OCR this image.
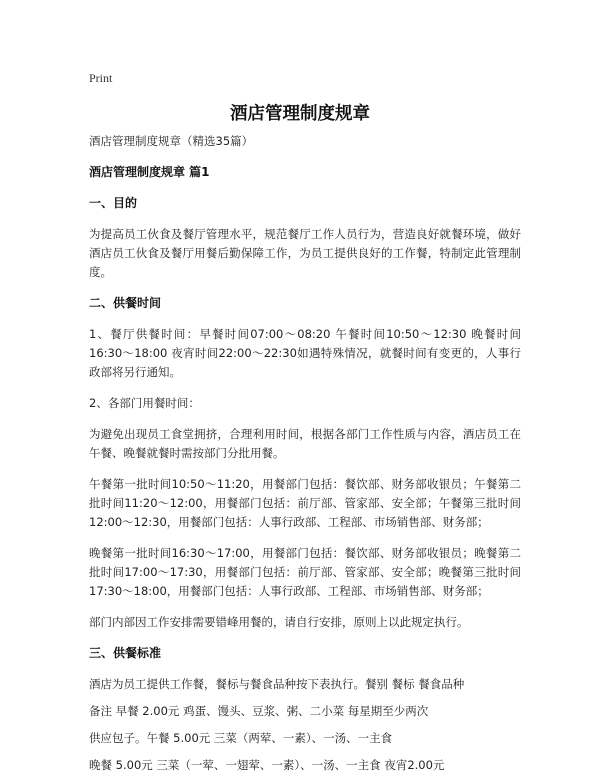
Print
酒店管理制度规章

酒店管理制度规章（精选35篇）

酒店管理制度规章 篇1

一、目的

为提高员工伙食及餐厅管理水平，规范餐厅工作人员行为，营造良好就餐环境，做好酒店员工伙食及餐厅用餐后勤保障工作，为员工提供良好的工作餐，特制定此管理制度。

二、供餐时间

1、餐厅供餐时间：早餐时间07:00～08:20 午餐时间10:50～12:30 晚餐时间16:30～18:00 夜宵时间22:00～22:30如遇特殊情况，就餐时间有变更的，人事行政部将另行通知。

2、各部门用餐时间：

为避免出现员工食堂拥挤，合理利用时间，根据各部门工作性质与内容，酒店员工在午餐、晚餐就餐时需按部门分批用餐。

午餐第一批时间10:50～11:20，用餐部门包括：餐饮部、财务部收银员；午餐第二批时间11:20～12:00，用餐部门包括：前厅部、管家部、安全部；午餐第三批时间12:00～12:30，用餐部门包括：人事行政部、工程部、市场销售部、财务部；

晚餐第一批时间16:30～17:00，用餐部门包括：餐饮部、财务部收银员；晚餐第二批时间17:00～17:30，用餐部门包括：前厅部、管家部、安全部；晚餐第三批时间17:30～18:00，用餐部门包括：人事行政部、工程部、市场销售部、财务部；

部门内部因工作安排需要错峰用餐的，请自行安排，原则上以此规定执行。

三、供餐标准

酒店为员工提供工作餐，餐标与餐食品种按下表执行。餐别 餐标 餐食品种

备注 早餐 2.00元 鸡蛋、馒头、豆浆、粥、二小菜 每星期至少两次

供应包子。午餐 5.00元 三菜（两荤、一素）、一汤、一主食

晚餐 5.00元 三菜（一荤、一翅荤、一素）、一汤、一主食 夜宵2.00元
